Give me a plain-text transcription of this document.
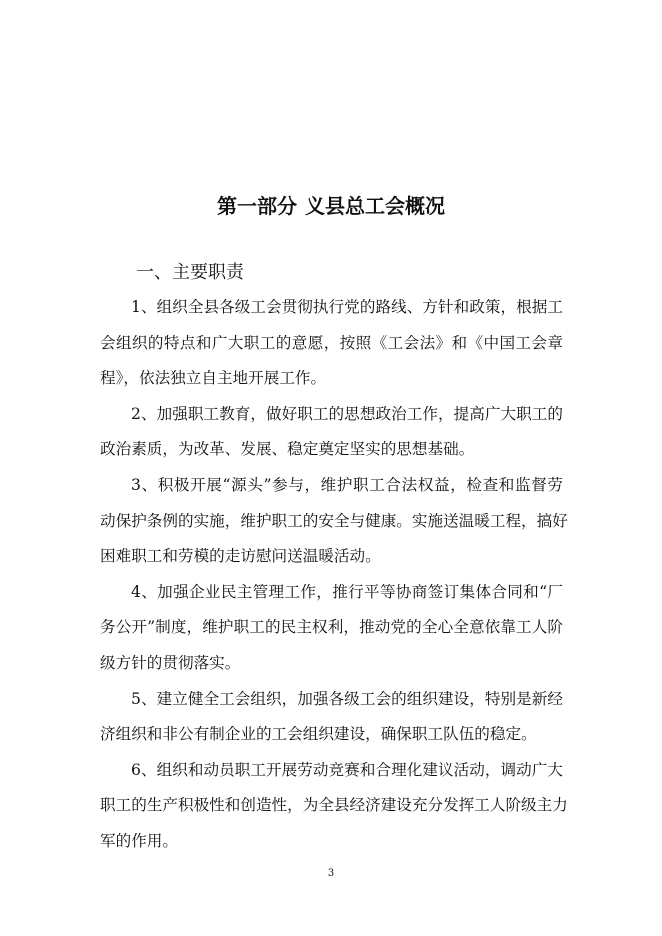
第一部分 义县总工会概况
一、主要职责
1、组织全县各级工会贯彻执行党的路线、方针和政策，根据工
会组织的特点和广大职工的意愿，按照《工会法》和《中国工会章
程》，依法独立自主地开展工作。
2、加强职工教育，做好职工的思想政治工作，提高广大职工的
政治素质，为改革、发展、稳定奠定坚实的思想基础。
3、积极开展“源头”参与，维护职工合法权益，检查和监督劳
动保护条例的实施，维护职工的安全与健康。实施送温暖工程，搞好
困难职工和劳模的走访慰问送温暖活动。
4、加强企业民主管理工作，推行平等协商签订集体合同和“厂
务公开”制度，维护职工的民主权利，推动党的全心全意依靠工人阶
级方针的贯彻落实。
5、建立健全工会组织，加强各级工会的组织建设，特别是新经
济组织和非公有制企业的工会组织建设，确保职工队伍的稳定。
6、组织和动员职工开展劳动竞赛和合理化建议活动，调动广大
职工的生产积极性和创造性，为全县经济建设充分发挥工人阶级主力
军的作用。
3
